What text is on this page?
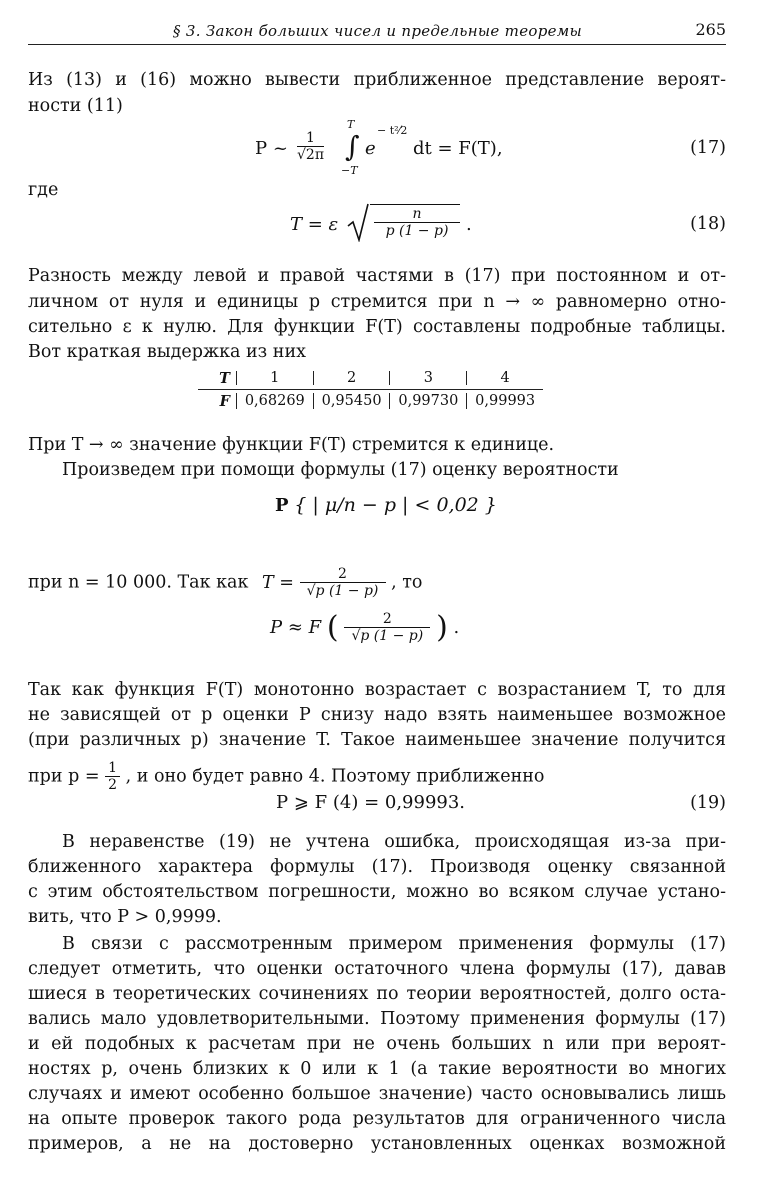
§ 3. Закон больших чисел и предельные теоремы	265
Из (13) и (16) можно вывести приближенное представление вероят-
ности (11)
P ~ $\frac{1}{√2\pi}$
T
∫
−T
e
− t²⁄2
dt = F(T),	(17)
где
T = ε	$\frac{n}{p (1 - p)}$ .	(18)
Разность между левой и правой частями в (17) при постоянном и от-
личном от нуля и единицы p стремится при n → ∞ равномерно отно-
сительно ε к нулю. Для функции F(T) составлены подробные таблицы.
Вот краткая выдержка из них
T	1	2	3	4
F	0,68269	0,95450	0,99730	0,99993
При T → ∞ значение функции F(T) стремится к единице.
Произведем при помощи формулы (17) оценку вероятности
P { | μ/n − p | < 0,02 }
при n = 10 000. Так как $T = \frac{2}{√p (1 - p)}$ , то
P ≈ F ( $\frac{2}{√p (1 - p)}$ ) .
Так как функция F(T) монотонно возрастает с возрастанием T, то для
не зависящей от p оценки P снизу надо взять наименьшее возможное
(при различных p) значение T. Такое наименьшее значение получится
при $p = \frac{1}{2}$ , и оно будет равно 4. Поэтому приближенно
P ⩾ F (4) = 0,99993.	(19)
В неравенстве (19) не учтена ошибка, происходящая из-за при-
ближенного характера формулы (17). Производя оценку связанной
с этим обстоятельством погрешности, можно во всяком случае устано-
вить, что P > 0,9999.
В связи с рассмотренным примером применения формулы (17)
следует отметить, что оценки остаточного члена формулы (17), давав
шиеся в теоретических сочинениях по теории вероятностей, долго оста-
вались мало удовлетворительными. Поэтому применения формулы (17)
и ей подобных к расчетам при не очень больших n или при вероят-
ностях p, очень близких к 0 или к 1 (а такие вероятности во многих
случаях и имеют особенно большое значение) часто основывались лишь
на опыте проверок такого рода результатов для ограниченного числа
примеров, а не на достоверно установленных оценках возможной
